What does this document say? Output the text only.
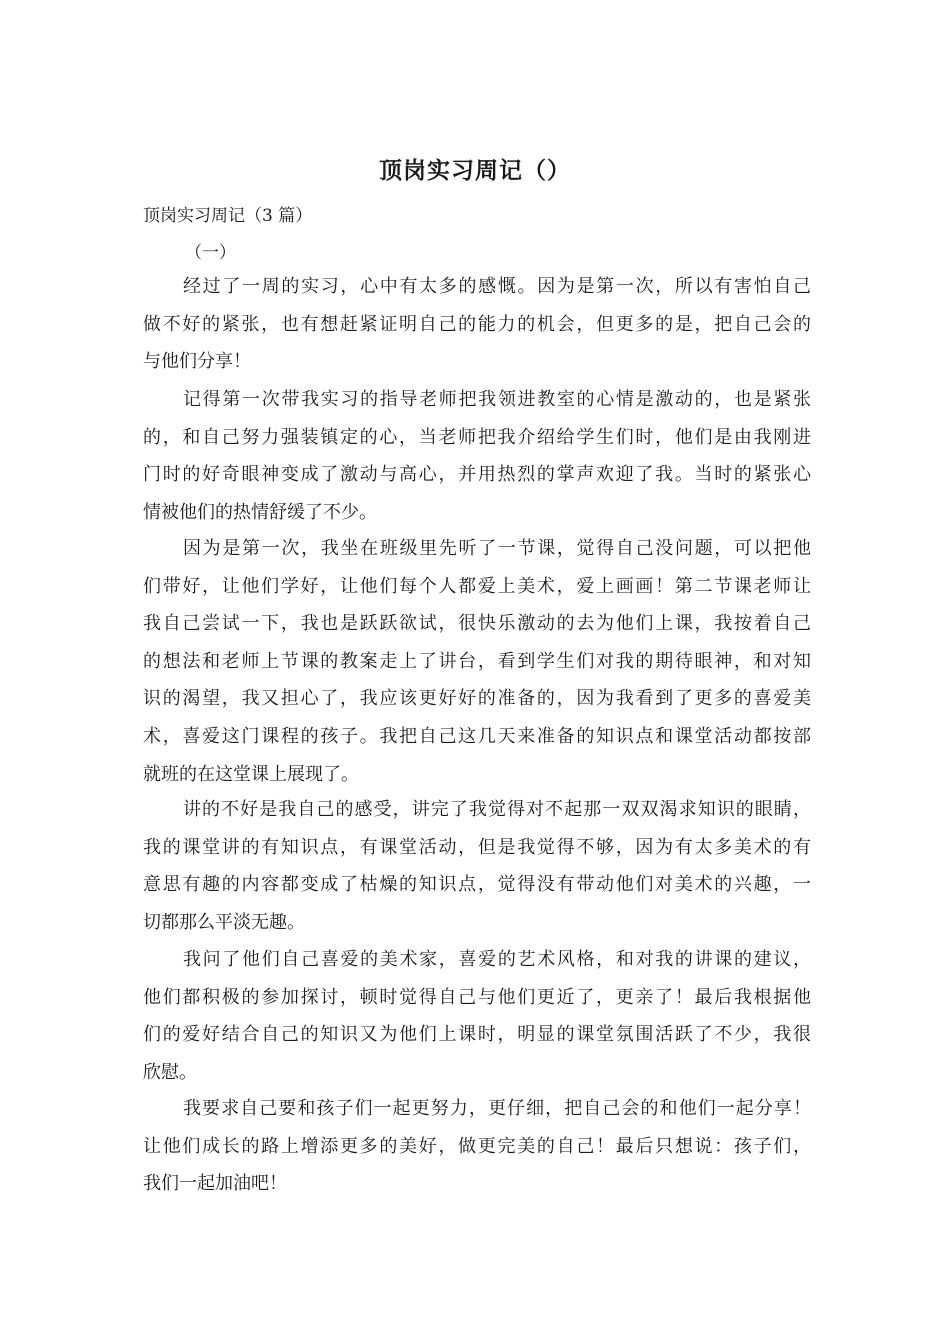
顶岗实习周记（）

顶岗实习周记（3 篇）

（一）

经过了一周的实习，心中有太多的感慨。因为是第一次，所以有害怕自己
做不好的紧张，也有想赶紧证明自己的能力的机会，但更多的是，把自己会的
与他们分享！
记得第一次带我实习的指导老师把我领进教室的心情是激动的，也是紧张
的，和自己努力强装镇定的心，当老师把我介绍给学生们时，他们是由我刚进
门时的好奇眼神变成了激动与高心，并用热烈的掌声欢迎了我。当时的紧张心
情被他们的热情舒缓了不少。
因为是第一次，我坐在班级里先听了一节课，觉得自己没问题，可以把他
们带好，让他们学好，让他们每个人都爱上美术，爱上画画！第二节课老师让
我自己尝试一下，我也是跃跃欲试，很快乐激动的去为他们上课，我按着自己
的想法和老师上节课的教案走上了讲台，看到学生们对我的期待眼神，和对知
识的渴望，我又担心了，我应该更好好的准备的，因为我看到了更多的喜爱美
术，喜爱这门课程的孩子。我把自己这几天来准备的知识点和课堂活动都按部
就班的在这堂课上展现了。
讲的不好是我自己的感受，讲完了我觉得对不起那一双双渴求知识的眼睛，
我的课堂讲的有知识点，有课堂活动，但是我觉得不够，因为有太多美术的有
意思有趣的内容都变成了枯燥的知识点，觉得没有带动他们对美术的兴趣，一
切都那么平淡无趣。
我问了他们自己喜爱的美术家，喜爱的艺术风格，和对我的讲课的建议，
他们都积极的参加探讨，顿时觉得自己与他们更近了，更亲了！最后我根据他
们的爱好结合自己的知识又为他们上课时，明显的课堂氛围活跃了不少，我很
欣慰。
我要求自己要和孩子们一起更努力，更仔细，把自己会的和他们一起分享！
让他们成长的路上增添更多的美好，做更完美的自己！最后只想说：孩子们，
我们一起加油吧！
